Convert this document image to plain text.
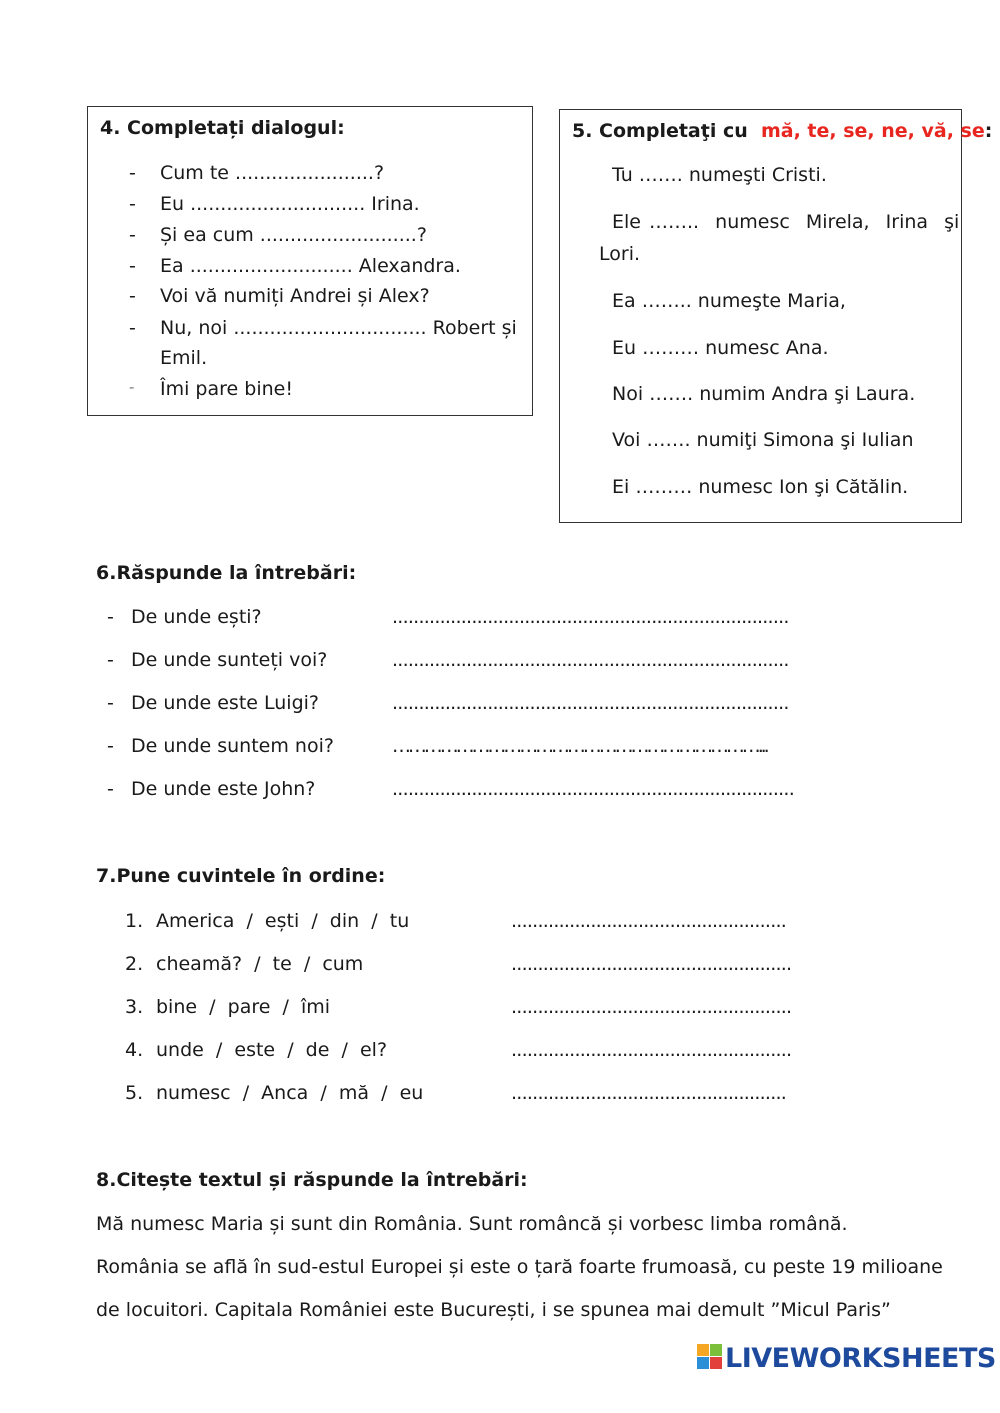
4. Completați dialogul:
- Cum te .......................?
- Eu ............................. Irina.
- Și ea cum ..........................?
- Ea ........................... Alexandra.
- Voi vă numiți Andrei și Alex?
- Nu, noi ................................ Robert și
Emil.
- Îmi pare bine!
5. Completaţi cu mă, te, se, ne, vă, se:
Tu ……. numeşti Cristi.
Ele ……..  numesc  Mirela,  Irina  şi
Lori.
Ea …….. numeşte Maria,
Eu ……… numesc Ana.
Noi ……. numim Andra şi Laura.
Voi ……. numiţi Simona şi Iulian
Ei ……… numesc Ion şi Cătălin.
6.Răspunde la întrebări:
- De unde ești?	...........................................................................
- De unde sunteți voi?	...........................................................................
- De unde este Luigi?	...........................................................................
- De unde suntem noi?	……………………………………………………………...
- De unde este John?	............................................................................
7.Pune cuvintele în ordine:
1. America  /  ești  /  din  /  tu	....................................................
2. cheamă?  /  te  /  cum	.....................................................
3. bine  /  pare  /  îmi	.....................................................
4. unde  /  este  /  de  /  el?	.....................................................
5. numesc  /  Anca  /  mă  /  eu	....................................................
8.Citește textul și răspunde la întrebări:
Mă numesc Maria și sunt din România. Sunt româncă și vorbesc limba română.
România se află în sud-estul Europei și este o țară foarte frumoasă, cu peste 19 milioane
de locuitori. Capitala României este București, i se spunea mai demult ”Micul Paris”
LIVEWORKSHEETS
